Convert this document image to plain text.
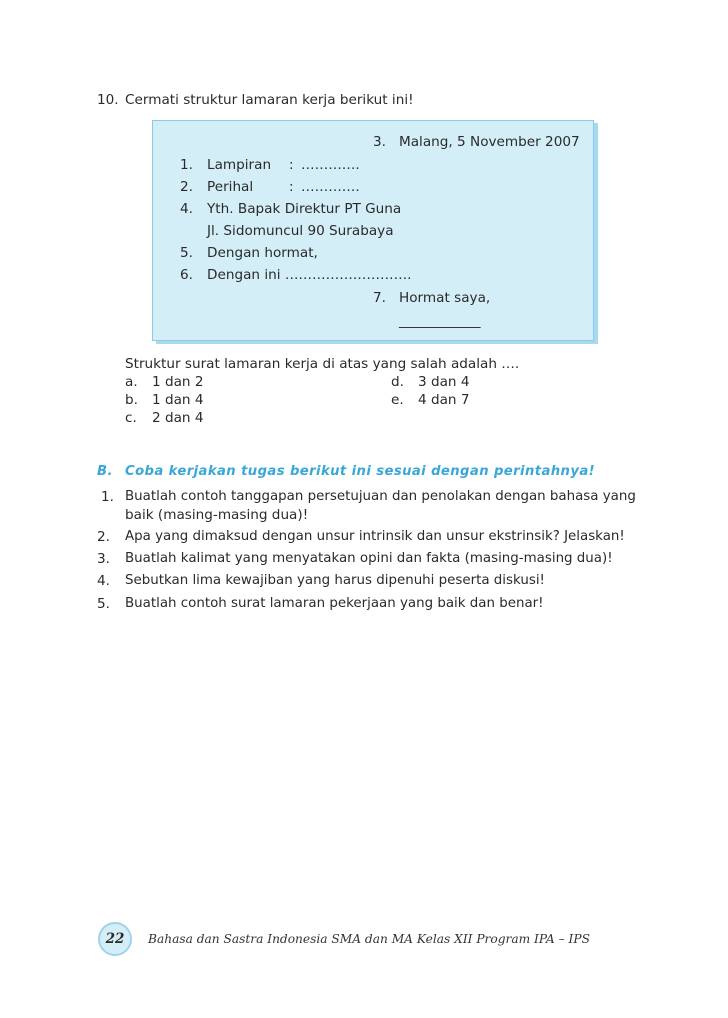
10. Cermati struktur lamaran kerja berikut ini!
3. Malang, 5 November 2007
1. Lampiran : ………….
2. Perihal	: ………….
4. Yth. Bapak Direktur PT Guna
Jl. Sidomuncul 90 Surabaya
5. Dengan hormat,
6. Dengan ini ……………………….
7. Hormat saya,
____________
Struktur surat lamaran kerja di atas yang salah adalah ….
a. 1 dan 2
b. 1 dan 4
c. 2 dan 4
d. 3 dan 4
e. 4 dan 7
B. Coba kerjakan tugas berikut ini sesuai dengan perintahnya!
1. Buatlah contoh tanggapan persetujuan dan penolakan dengan bahasa yang
baik (masing-masing dua)!
2. Apa yang dimaksud dengan unsur intrinsik dan unsur ekstrinsik? Jelaskan!
3. Buatlah kalimat yang menyatakan opini dan fakta (masing-masing dua)!
4. Sebutkan lima kewajiban yang harus dipenuhi peserta diskusi!
5. Buatlah contoh surat lamaran pekerjaan yang baik dan benar!
22	Bahasa dan Sastra Indonesia SMA dan MA Kelas XII Program IPA – IPS
